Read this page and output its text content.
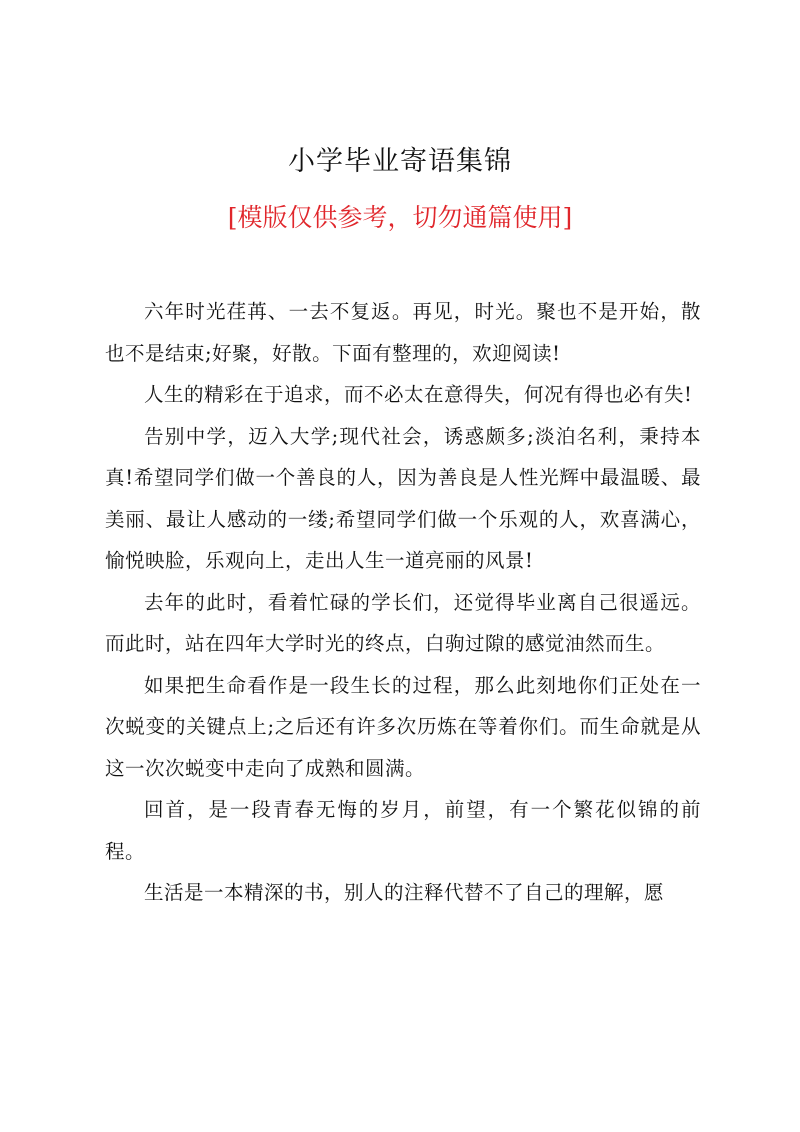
小学毕业寄语集锦
[模版仅供参考，切勿通篇使用]

六年时光荏苒、一去不复返。再见，时光。聚也不是开始，散也不是结束;好聚，好散。下面有整理的，欢迎阅读!

人生的精彩在于追求，而不必太在意得失，何况有得也必有失!

告别中学，迈入大学;现代社会，诱惑颇多;淡泊名利，秉持本真!希望同学们做一个善良的人，因为善良是人性光辉中最温暖、最美丽、最让人感动的一缕;希望同学们做一个乐观的人，欢喜满心，愉悦映脸，乐观向上，走出人生一道亮丽的风景!

去年的此时，看着忙碌的学长们，还觉得毕业离自己很遥远。而此时，站在四年大学时光的终点，白驹过隙的感觉油然而生。

如果把生命看作是一段生长的过程，那么此刻地你们正处在一次蜕变的关键点上;之后还有许多次历炼在等着你们。而生命就是从这一次次蜕变中走向了成熟和圆满。

回首，是一段青春无悔的岁月，前望，有一个繁花似锦的前程。

生活是一本精深的书，别人的注释代替不了自己的理解，愿
